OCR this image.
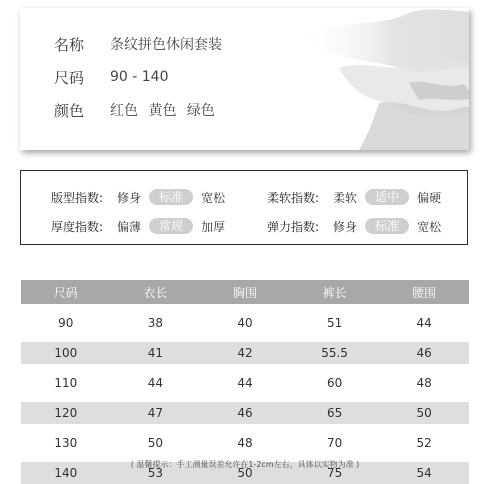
名称	条纹拼色休闲套装
尺码	90 - 140
颜色	红色 黄色 绿色
版型指数: 修身	标准	宽松	柔软指数: 柔软	适中	偏硬
厚度指数: 偏薄	常规	加厚	弹力指数: 修身	标准	宽松
尺码	衣长	胸围	裤长	腰围

90	38	40	51	44

100	41	42	55.5	46

110	44	44	60	48

120	47	46	65	50

130	50	48	70	52

140	53	50	75	54
( 温馨提示：手工测量误差允许在1-2cm左右，具体以实物为准 )
